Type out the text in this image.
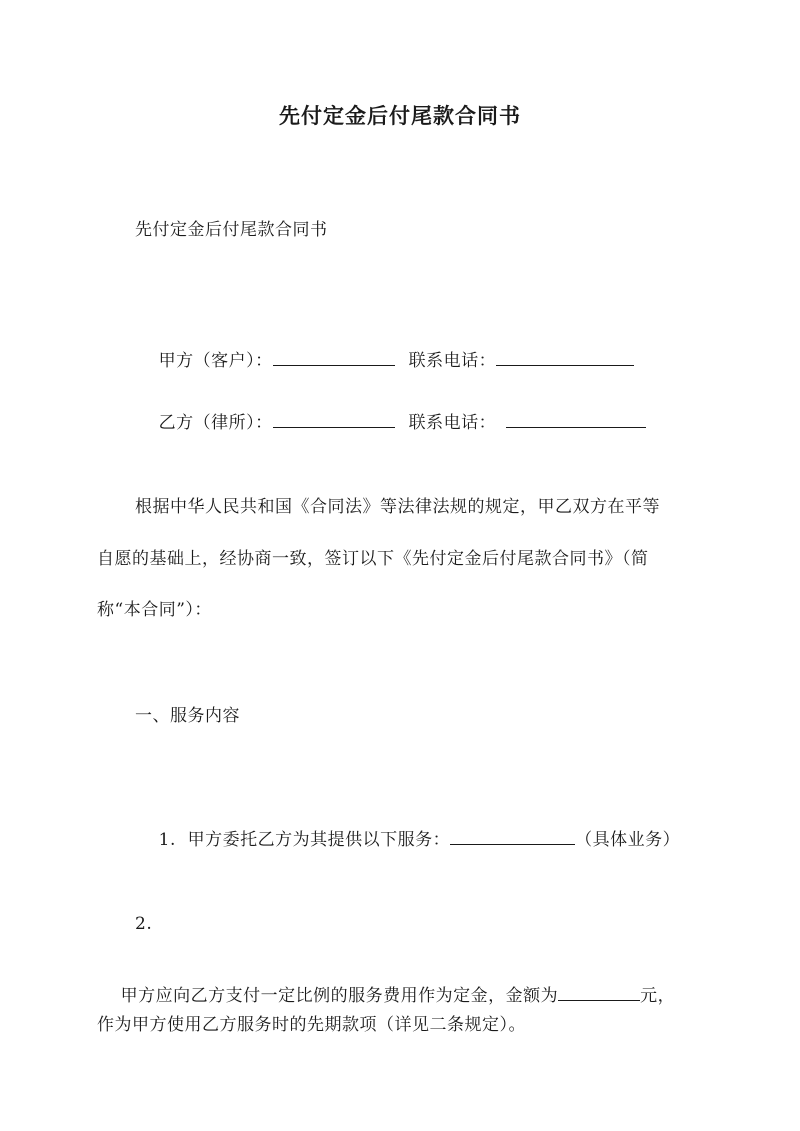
先付定金后付尾款合同书
先付定金后付尾款合同书

甲方（客户）：	联系电话：

乙方（律所）：	联系电话：

根据中华人民共和国《合同法》等法律法规的规定，甲乙双方在平等
自愿的基础上，经协商一致，签订以下《先付定金后付尾款合同书》（简
称“本合同”）：
一、服务内容

1.  甲方委托乙方为其提供以下服务：	（具体业务）

2.

甲方应向乙方支付一定比例的服务费用作为定金，金额为	元，

作为甲方使用乙方服务时的先期款项（详见二条规定）。
